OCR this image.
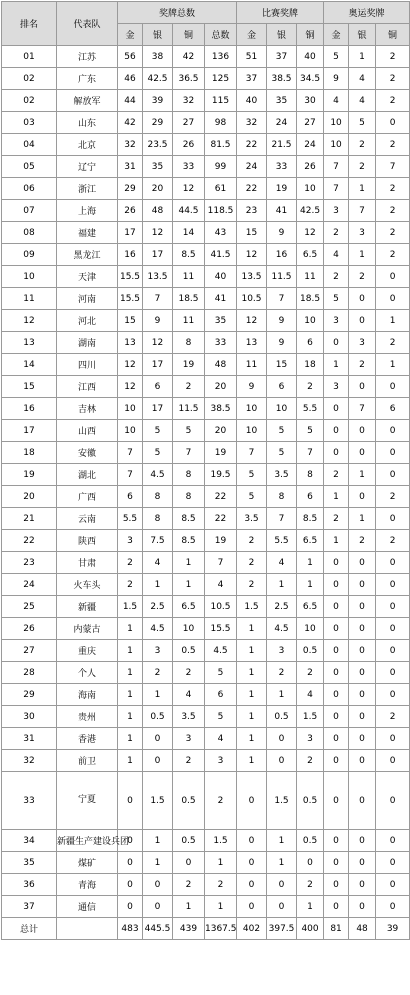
排名	代表队	奖牌总数				比赛奖牌			奥运奖牌		
		金	银	铜	总数	金	银	铜	金	银	铜
01	江苏	56	38	42	136	51	37	40	5	1	2
02	广东	46	42.5	36.5	125	37	38.5	34.5	9	4	2
02	解放军	44	39	32	115	40	35	30	4	4	2
03	山东	42	29	27	98	32	24	27	10	5	0
04	北京	32	23.5	26	81.5	22	21.5	24	10	2	2
05	辽宁	31	35	33	99	24	33	26	7	2	7
06	浙江	29	20	12	61	22	19	10	7	1	2
07	上海	26	48	44.5	118.5	23	41	42.5	3	7	2
08	福建	17	12	14	43	15	9	12	2	3	2
09	黑龙江	16	17	8.5	41.5	12	16	6.5	4	1	2
10	天津	15.5	13.5	11	40	13.5	11.5	11	2	2	0
11	河南	15.5	7	18.5	41	10.5	7	18.5	5	0	0
12	河北	15	9	11	35	12	9	10	3	0	1
13	湖南	13	12	8	33	13	9	6	0	3	2
14	四川	12	17	19	48	11	15	18	1	2	1
15	江西	12	6	2	20	9	6	2	3	0	0
16	吉林	10	17	11.5	38.5	10	10	5.5	0	7	6
17	山西	10	5	5	20	10	5	5	0	0	0
18	安徽	7	5	7	19	7	5	7	0	0	0
19	湖北	7	4.5	8	19.5	5	3.5	8	2	1	0
20	广西	6	8	8	22	5	8	6	1	0	2
21	云南	5.5	8	8.5	22	3.5	7	8.5	2	1	0
22	陕西	3	7.5	8.5	19	2	5.5	6.5	1	2	2
23	甘肃	2	4	1	7	2	4	1	0	0	0
24	火车头	2	1	1	4	2	1	1	0	0	0
25	新疆	1.5	2.5	6.5	10.5	1.5	2.5	6.5	0	0	0
26	内蒙古	1	4.5	10	15.5	1	4.5	10	0	0	0
27	重庆	1	3	0.5	4.5	1	3	0.5	0	0	0
28	个人	1	2	2	5	1	2	2	0	0	0
29	海南	1	1	4	6	1	1	4	0	0	0
30	贵州	1	0.5	3.5	5	1	0.5	1.5	0	0	2
31	香港	1	0	3	4	1	0	3	0	0	0
32	前卫	1	0	2	3	1	0	2	0	0	0
33	宁夏	0	1.5	0.5	2	0	1.5	0.5	0	0	0
34	新疆生产建设兵团	0	1	0.5	1.5	0	1	0.5	0	0	0
35	煤矿	0	1	0	1	0	1	0	0	0	0
36	青海	0	0	2	2	0	0	2	0	0	0
37	通信	0	0	1	1	0	0	1	0	0	0
总计		483	445.5	439	1367.5	402	397.5	400	81	48	39
